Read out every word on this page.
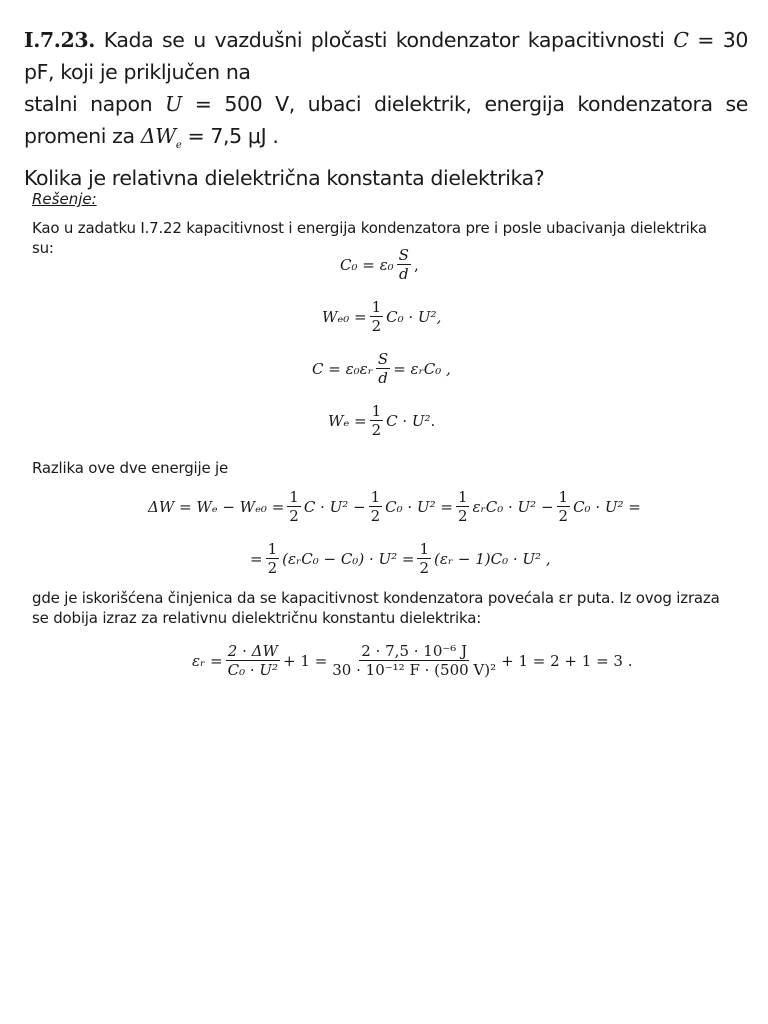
I.7.23. Kada se u vazdušni pločasti kondenzator kapacitivnosti C = 30 pF, koji je priključen na
stalni napon U = 500 V, ubaci dielektrik, energija kondenzatora se promeni za $\Delta W_e = 7,5$ μJ .
Kolika je relativna dielektrična konstanta dielektrika?
Rešenje:
Kao u zadatku I.7.22 kapacitivnost i energija kondenzatora pre i posle ubacivanja dielektrika su:
$C_0 = \varepsilon_0 \frac{S}{d}$ ,
$W_{e0} = \frac{1}{2} C_0 \cdot U^2$,
C = ε₀εᵣ $\frac{S}{d}$ = εᵣC₀ ,
$W_e = \frac{1}{2}$ C · U².
Razlika ove dve energije je
$\Delta W = W_e - W_{e0} = \frac{1}{2}$ $C \cdot U^2 - \frac{1}{2} C_0 \cdot U^2 = \frac{1}{2}$ εᵣC₀ · $U^2 - \frac{1}{2} C_0 \cdot U^2$ =
= $\frac{1}{2}$ (εᵣC₀ − $C_0) \cdot U^2 = \frac{1}{2}$ (εᵣ − 1)C₀ · U² ,
gde je iskorišćena činjenica da se kapacitivnost kondenzatora povećala εr puta. Iz ovog izraza se dobija izraz za relativnu dielektričnu konstantu dielektrika:
εᵣ = $\frac{2 \cdot \Delta W}{\text{C₀ · U²}} + 1 = \frac{\text{2 · 7,5 · 10⁻⁶ J}}{\text{30 · 10⁻¹² F · (500 V)²}} + 1 = 2 + 1 = 3$ .
